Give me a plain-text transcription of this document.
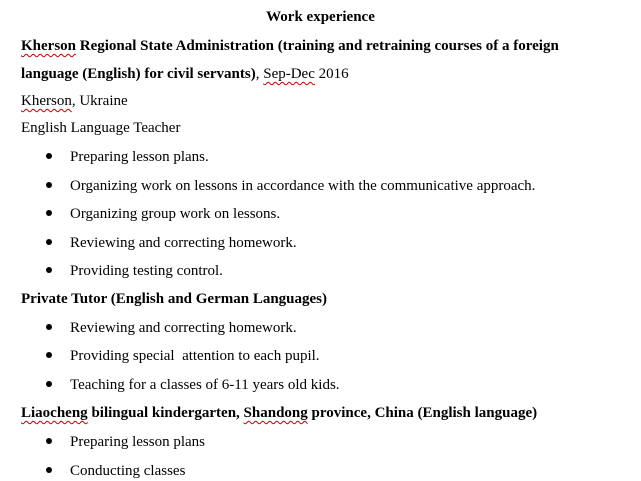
Work experience
Kherson Regional State Administration (training and retraining courses of a foreign
language (English) for civil servants), Sep-Dec 2016
Kherson, Ukraine
English Language Teacher
Preparing lesson plans.
Organizing work on lessons in accordance with the communicative approach.
Organizing group work on lessons.
Reviewing and correcting homework.
Providing testing control.
Private Tutor (English and German Languages)
Reviewing and correcting homework.
Providing special  attention to each pupil.
Teaching for a classes of 6-11 years old kids.
Liaocheng bilingual kindergarten, Shandong province, China (English language)
Preparing lesson plans
Conducting classes
